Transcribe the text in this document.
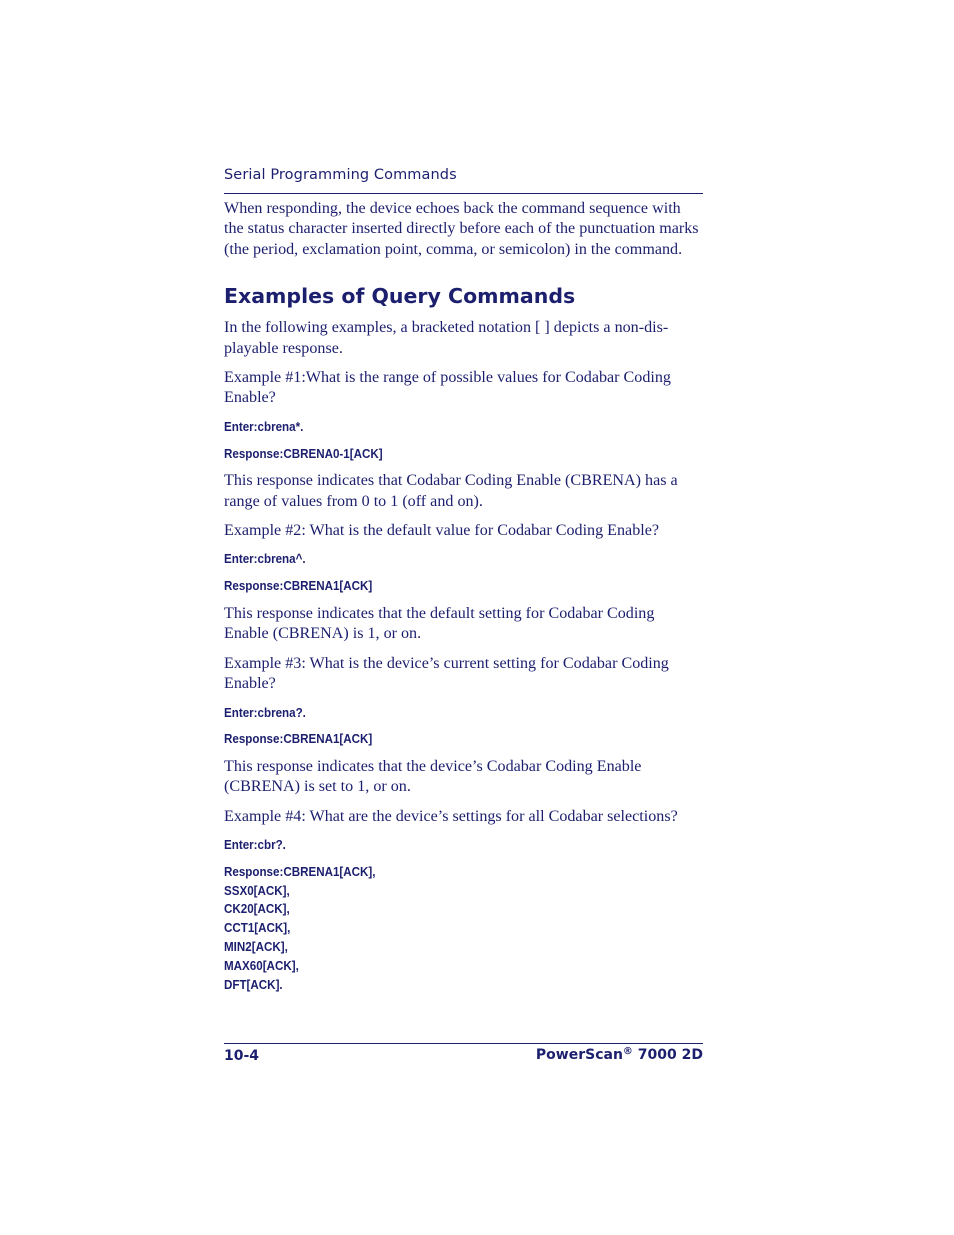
Serial Programming Commands

When responding, the device echoes back the command sequence with the status character inserted directly before each of the punctuation marks (the period, exclamation point, comma, or semicolon) in the command.

Examples of Query Commands

In the following examples, a bracketed notation [ ] depicts a non-dis-playable response.

Example #1:What is the range of possible values for Codabar Coding Enable?

Enter:cbrena*.
Response:CBRENA0-1[ACK]

This response indicates that Codabar Coding Enable (CBRENA) has a range of values from 0 to 1 (off and on).

Example #2: What is the default value for Codabar Coding Enable?

Enter:cbrena^.
Response:CBRENA1[ACK]

This response indicates that the default setting for Codabar Coding Enable (CBRENA) is 1, or on.

Example #3: What is the device’s current setting for Codabar Coding Enable?

Enter:cbrena?.
Response:CBRENA1[ACK]

This response indicates that the device’s Codabar Coding Enable (CBRENA) is set to 1, or on.

Example #4: What are the device’s settings for all Codabar selections?

Enter:cbr?.
Response:CBRENA1[ACK],
SSX0[ACK],
CK20[ACK],
CCT1[ACK],
MIN2[ACK],
MAX60[ACK],
DFT[ACK].
10-4	PowerScan® 7000 2D
